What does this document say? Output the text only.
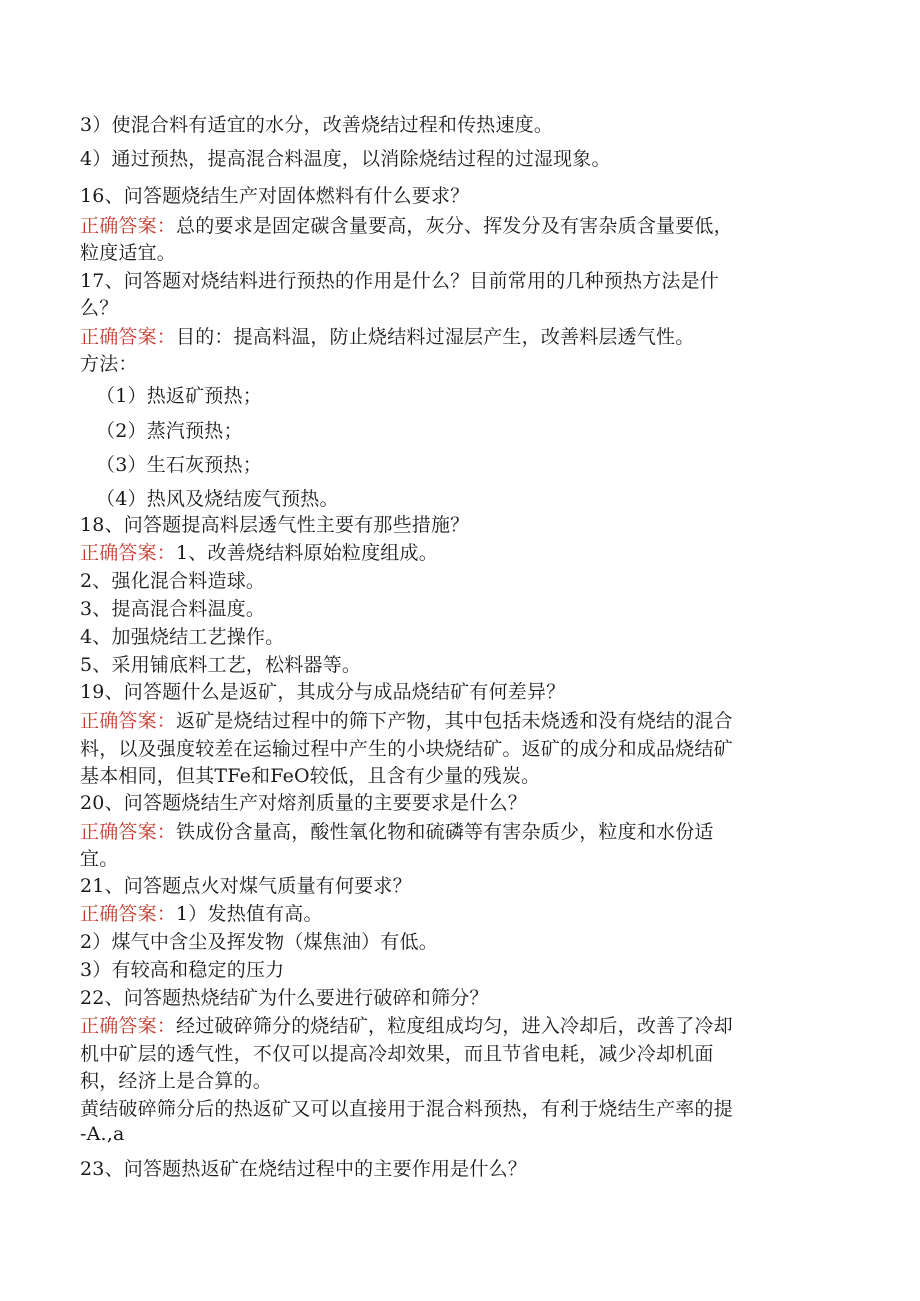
3）使混合料有适宜的水分，改善烧结过程和传热速度。
4）通过预热，提高混合料温度，以消除烧结过程的过湿现象。
16、问答题烧结生产对固体燃料有什么要求？
正确答案：总的要求是固定碳含量要高，灰分、挥发分及有害杂质含量要低，
粒度适宜。
17、问答题对烧结料进行预热的作用是什么？目前常用的几种预热方法是什
么？
正确答案：目的：提高料温，防止烧结料过湿层产生，改善料层透气性。
方法：
（1）热返矿预热；
（2）蒸汽预热；
（3）生石灰预热；
（4）热风及烧结废气预热。
18、问答题提高料层透气性主要有那些措施？
正确答案：1、改善烧结料原始粒度组成。
2、强化混合料造球。
3、提高混合料温度。
4、加强烧结工艺操作。
5、采用铺底料工艺，松料器等。
19、问答题什么是返矿，其成分与成品烧结矿有何差异？
正确答案：返矿是烧结过程中的筛下产物，其中包括未烧透和没有烧结的混合
料，以及强度较差在运输过程中产生的小块烧结矿。返矿的成分和成品烧结矿
基本相同，但其TFe和FeO较低，且含有少量的残炭。
20、问答题烧结生产对熔剂质量的主要要求是什么？
正确答案：铁成份含量高，酸性氧化物和硫磷等有害杂质少，粒度和水份适
宜。
21、问答题点火对煤气质量有何要求？
正确答案：1）发热值有高。
2）煤气中含尘及挥发物（煤焦油）有低。
3）有较高和稳定的压力
22、问答题热烧结矿为什么要进行破碎和筛分？
正确答案：经过破碎筛分的烧结矿，粒度组成均匀，进入冷却后，改善了冷却
机中矿层的透气性，不仅可以提高冷却效果，而且节省电耗，减少冷却机面
积，经济上是合算的。
黄结破碎筛分后的热返矿又可以直接用于混合料预热，有利于烧结生产率的提
-A.,a
23、问答题热返矿在烧结过程中的主要作用是什么？
